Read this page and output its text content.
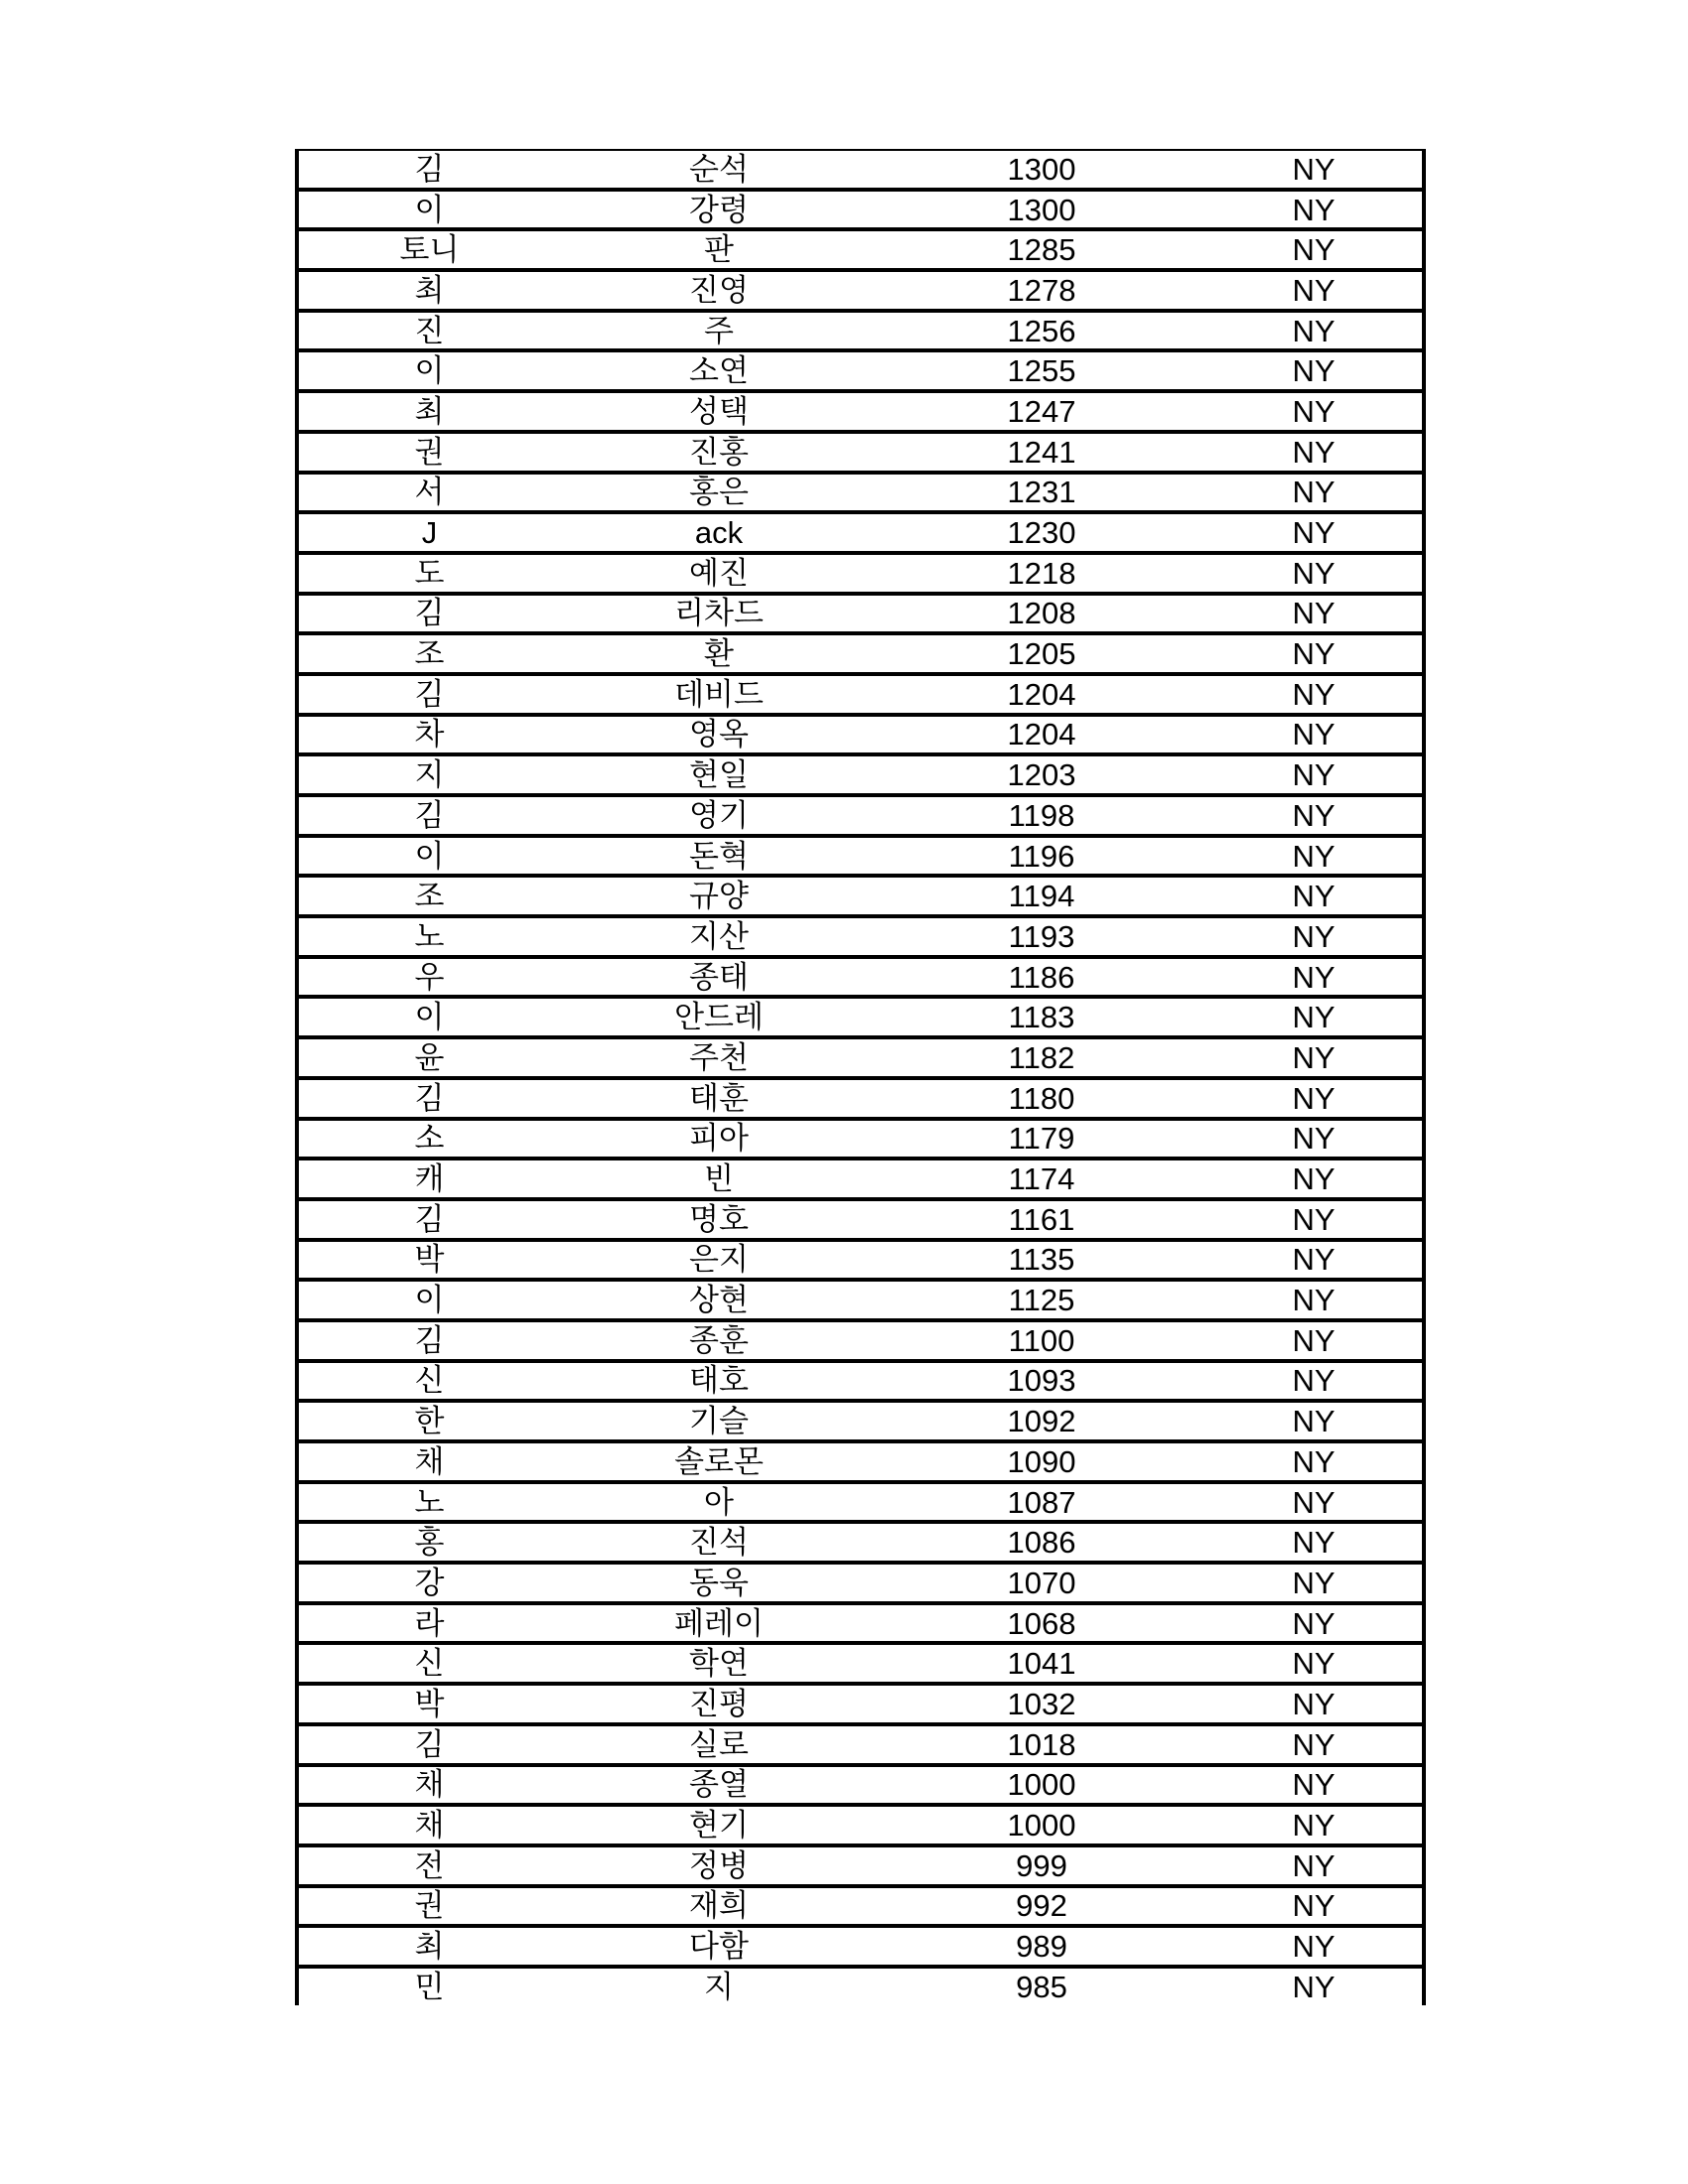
김	순석	1300	NY
이	강령	1300	NY
토니	판	1285	NY
최	진영	1278	NY
진	주	1256	NY
이	소연	1255	NY
최	성택	1247	NY
권	진홍	1241	NY
서	홍은	1231	NY
J	ack	1230	NY
도	예진	1218	NY
김	리차드	1208	NY
조	환	1205	NY
김	데비드	1204	NY
차	영옥	1204	NY
지	현일	1203	NY
김	영기	1198	NY
이	돈혁	1196	NY
조	규양	1194	NY
노	지산	1193	NY
우	종태	1186	NY
이	안드레	1183	NY
윤	주천	1182	NY
김	태훈	1180	NY
소	피아	1179	NY
캐	빈	1174	NY
김	명호	1161	NY
박	은지	1135	NY
이	상현	1125	NY
김	종훈	1100	NY
신	태호	1093	NY
한	기슬	1092	NY
채	솔로몬	1090	NY
노	아	1087	NY
홍	진석	1086	NY
강	동욱	1070	NY
라	페레이	1068	NY
신	학연	1041	NY
박	진평	1032	NY
김	실로	1018	NY
채	종열	1000	NY
채	현기	1000	NY
전	정병	999	NY
권	재희	992	NY
최	다함	989	NY
민	지	985	NY
